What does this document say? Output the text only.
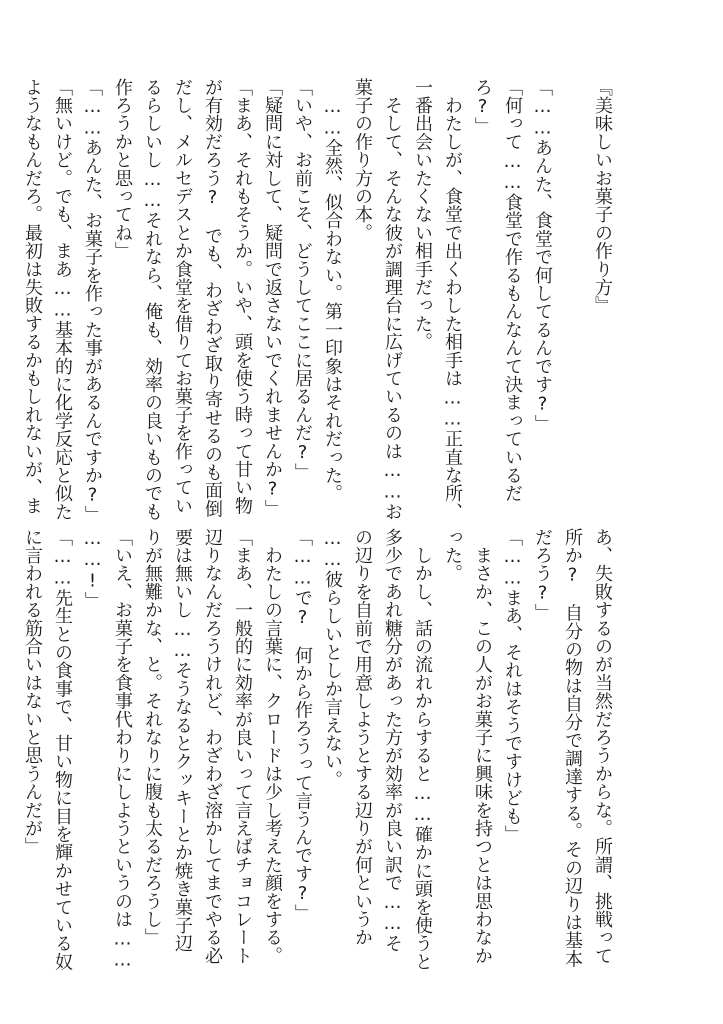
『美味しいお菓子の作り方』

「……あんた、食堂で何してるんです?」
「何って……食堂で作るもんなんて決まっているだ
ろ?」
　わたしが、食堂で出くわした相手は……正直な所、
一番出会いたくない相手だった。
　そして、そんな彼が調理台に広げているのは……お
菓子の作り方の本。
　……全然、似合わない。第一印象はそれだった。
「いや、お前こそ、どうしてここに居るんだ?」
「疑問に対して、疑問で返さないでくれませんか?」
「まあ、それもそうか。いや、頭を使う時って甘い物
が有効だろう?　でも、わざわざ取り寄せるのも面倒
だし、メルセデスとか食堂を借りてお菓子を作ってい
るらしいし……それなら、俺も、効率の良いものでも
作ろうかと思ってね」
「……あんた、お菓子を作った事があるんですか?」
「無いけど。でも、まあ……基本的に化学反応と似た
ようなもんだろ。最初は失敗するかもしれないが、ま
あ、失敗するのが当然だろうからな。所謂、挑戦って
所か?　自分の物は自分で調達する。その辺りは基本
だろう?」
「……まあ、それはそうですけども」
　まさか、この人がお菓子に興味を持つとは思わなか
った。
　しかし、話の流れからすると……確かに頭を使うと
多少であれ糖分があった方が効率が良い訳で……そ
の辺りを自前で用意しようとする辺りが何というか
……彼らしいとしか言えない。
「……で?　何から作ろうって言うんです?」
　わたしの言葉に、クロードは少し考えた顔をする。
「まあ、一般的に効率が良いって言えばチョコレート
辺りなんだろうけれど、わざわざ溶かしてまでやる必
要は無いし……そうなるとクッキーとか焼き菓子辺
りが無難かな、と。それなりに腹も太るだろうし」
「いえ、お菓子を食事代わりにしようというのは……
……!」
「……先生との食事で、甘い物に目を輝かせている奴
に言われる筋合いはないと思うんだが」
